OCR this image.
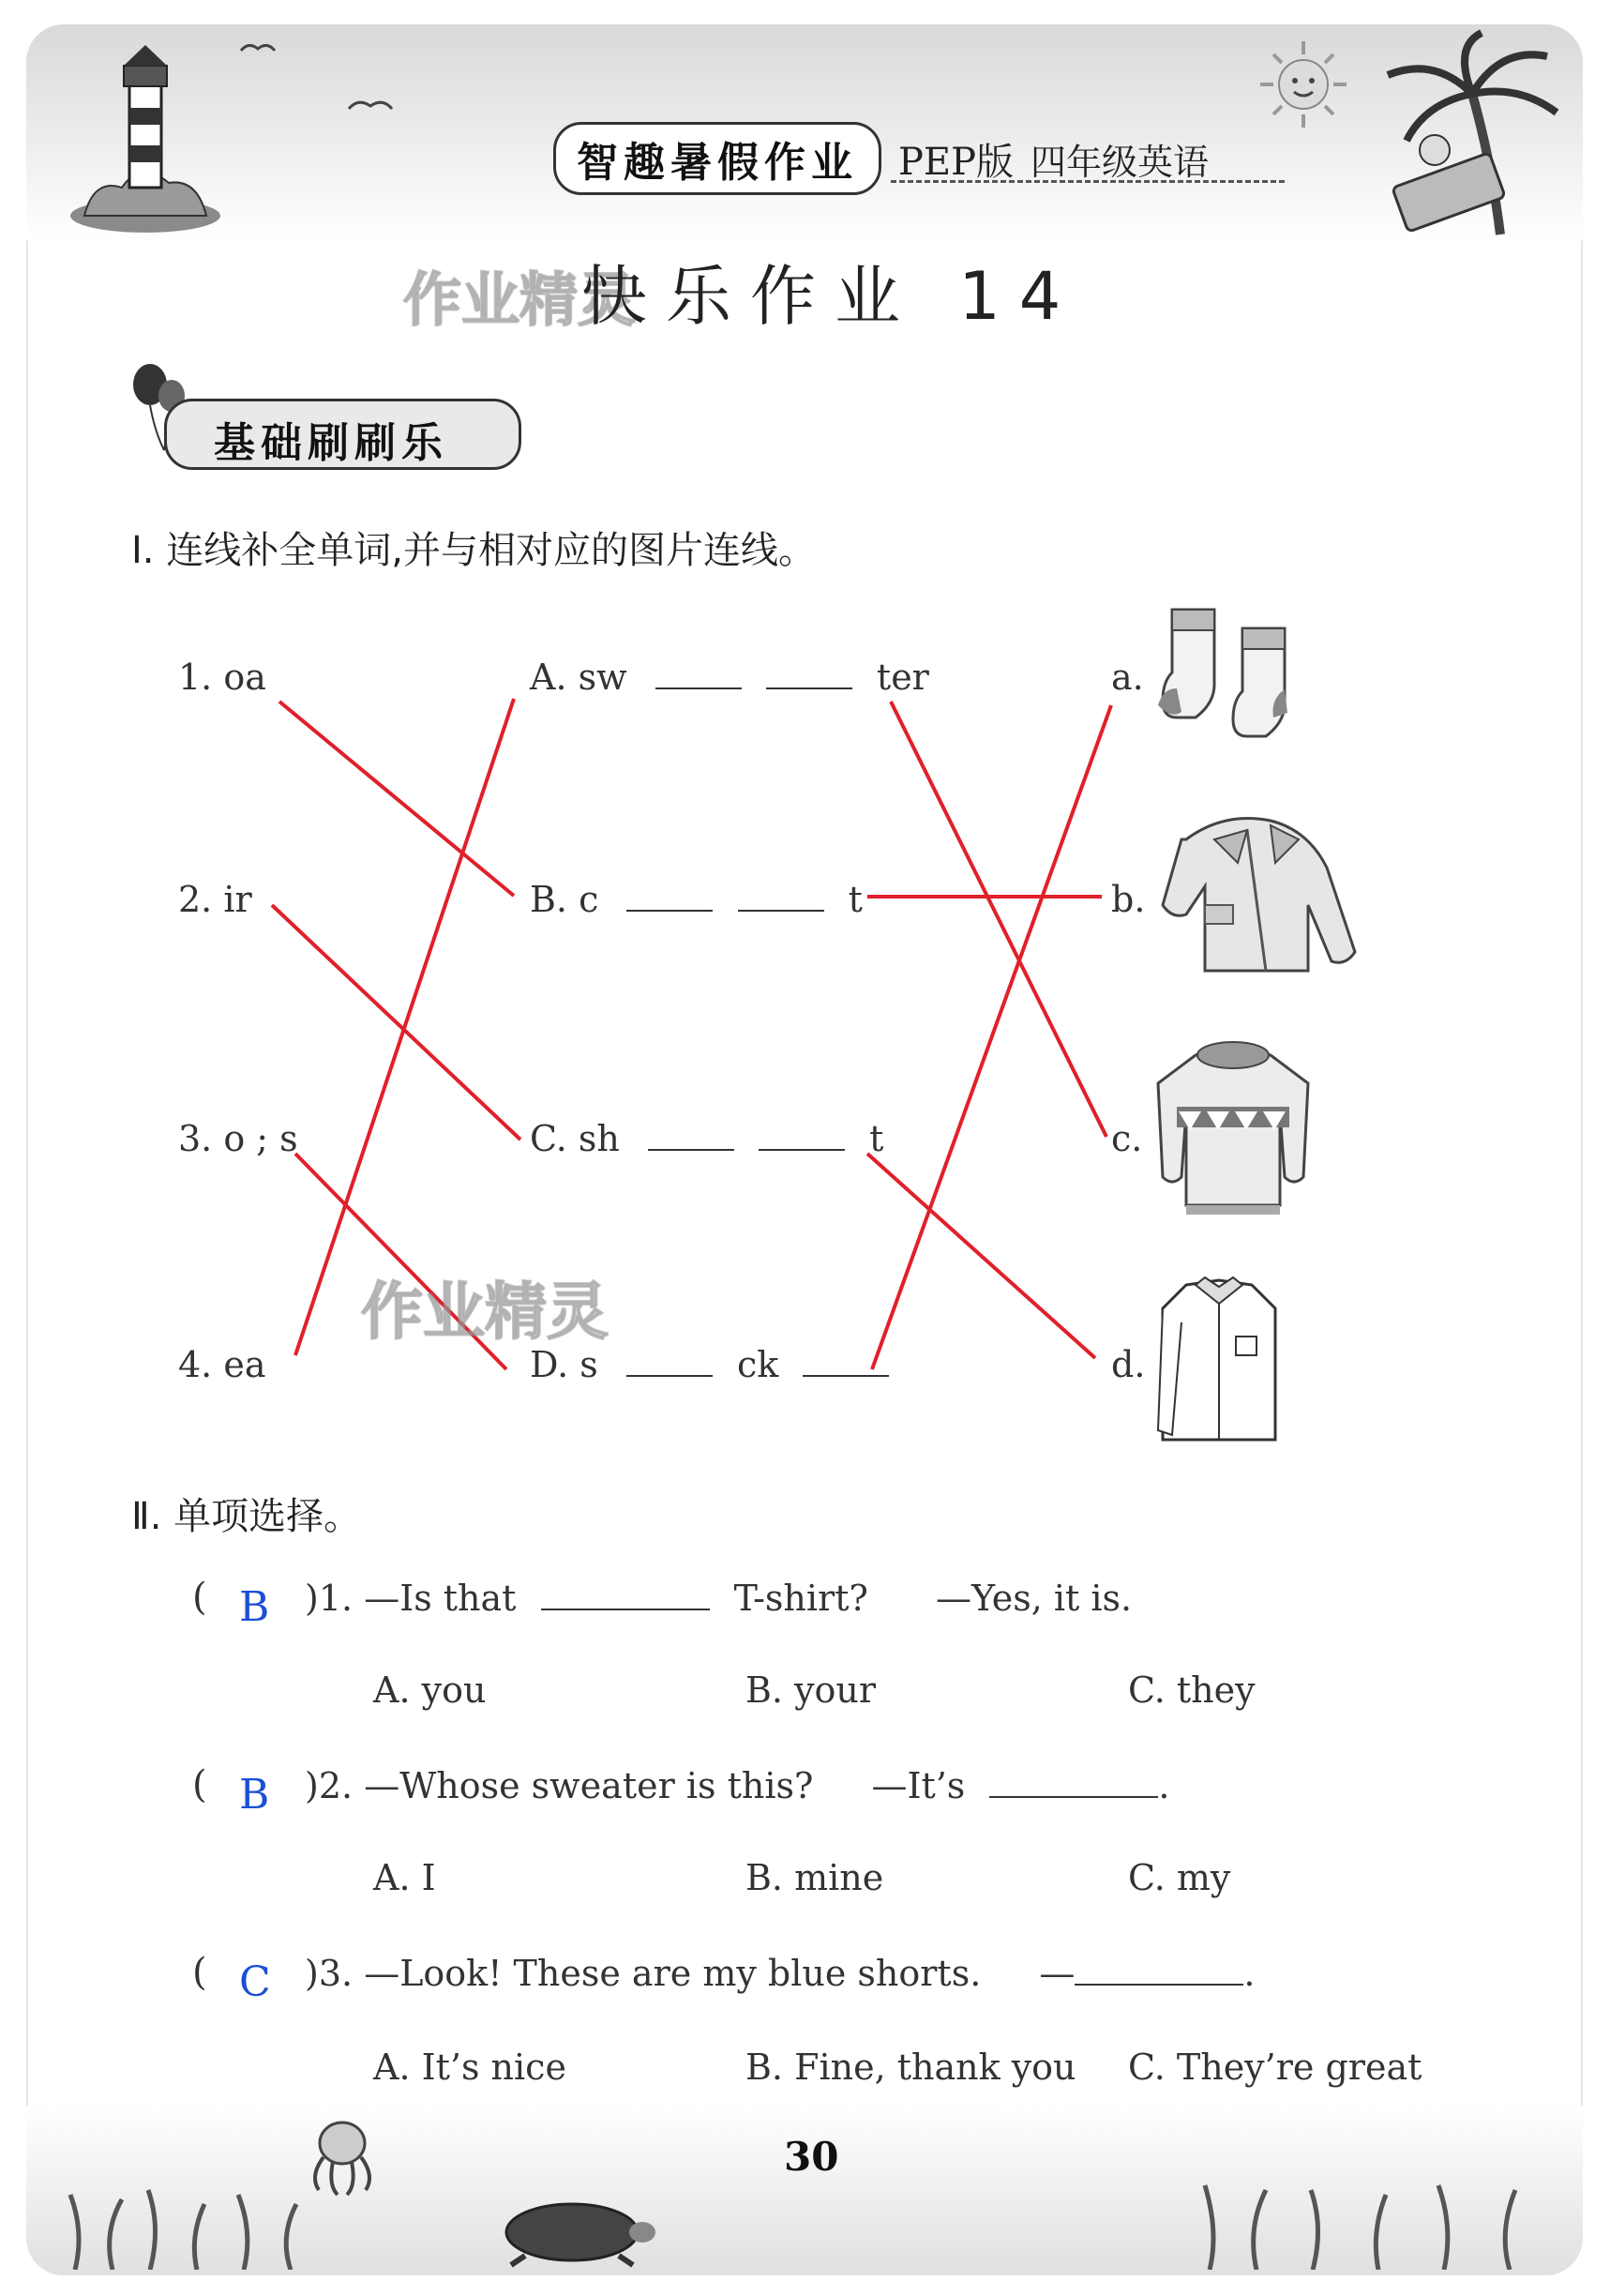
智趣暑假作业	PEP版 四年级英语
作业精灵
快乐作业 14
基础刷刷乐
Ⅰ. 连线补全单词,并与相对应的图片连线。
1. oa
2. ir
3. o ; s
4. ea
A. sw	ter
B. c	t
C. sh	t
D. s	ck
a.
b.
c.
d.
作业精灵
Ⅱ. 单项选择。
( B )1. —Is that	T-shirt? —Yes, it is.
A. you	B. your	C. they
( B )2. —Whose sweater is this? —It’s	.
A. I	B. mine	C. my
( C )3. —Look! These are my blue shorts. —	.
A. It’s nice	B. Fine, thank you C. They’re great
30
